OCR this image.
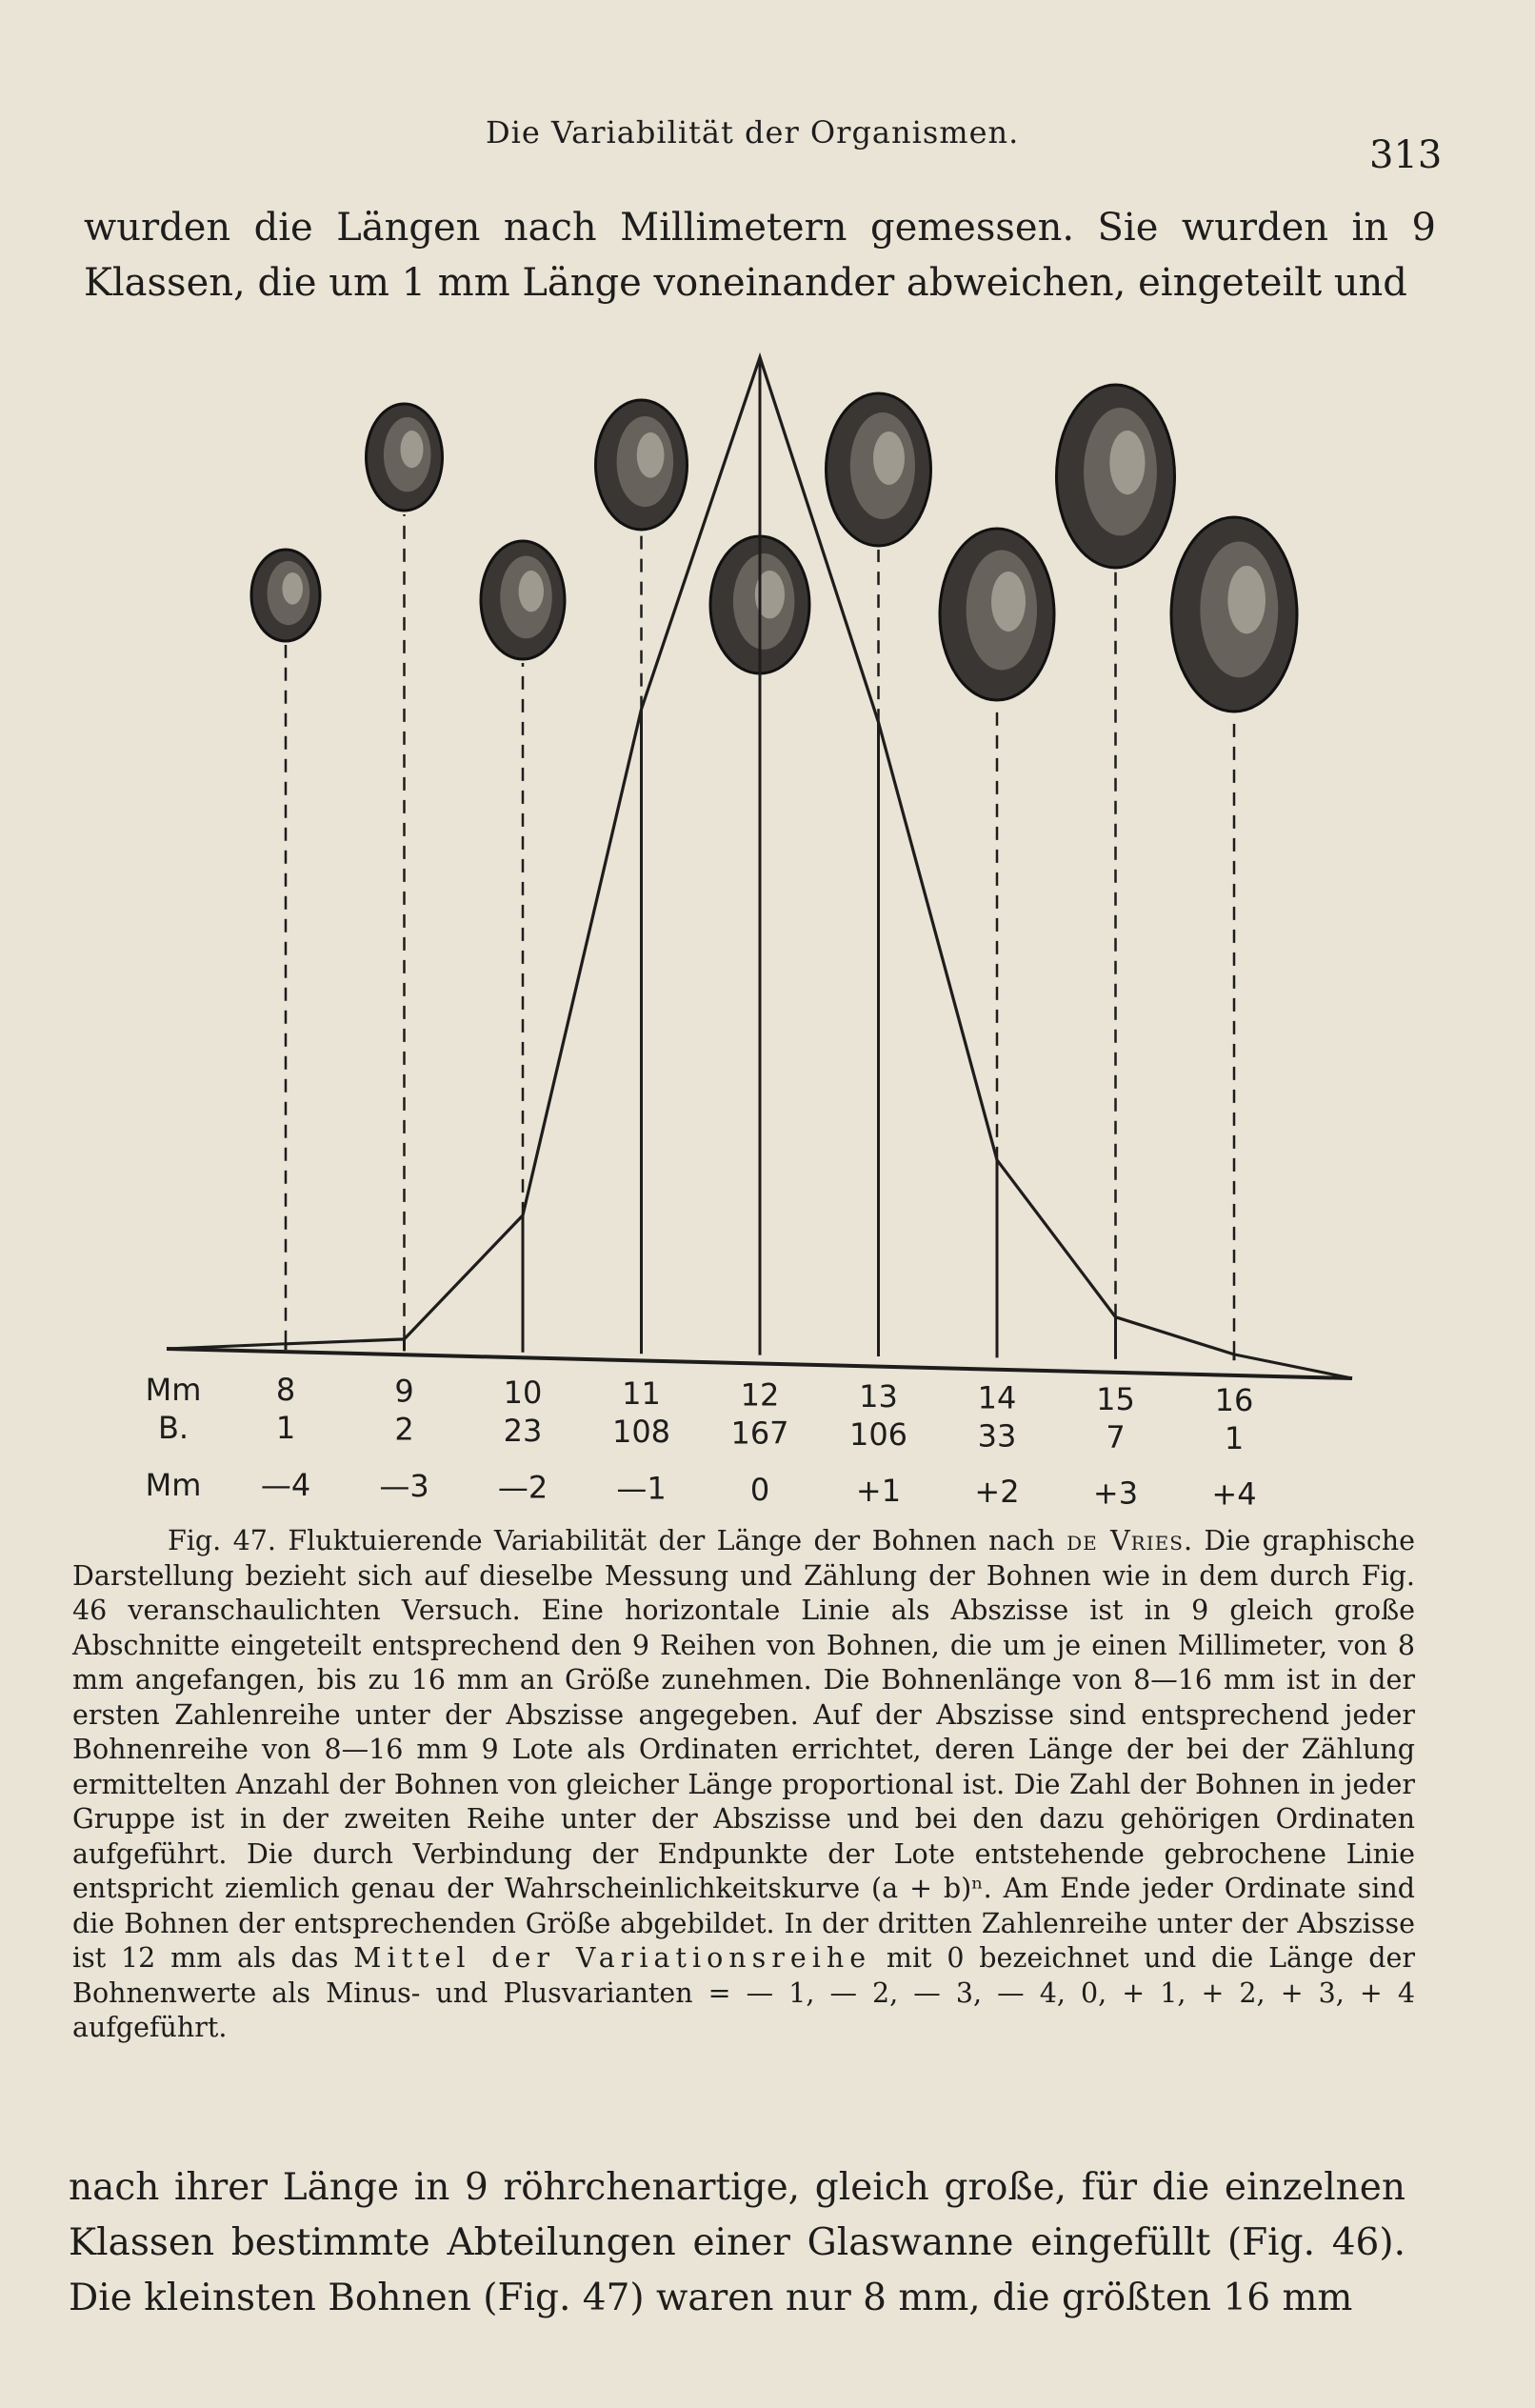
Die Variabilität der Organismen.
313
wurden die Längen nach Millimetern gemessen. Sie wurden in 9 Klassen, die um 1 mm Länge voneinander abweichen, eingeteilt und
Mm
B.
Mm
8
1
—4
9
2
—3
10
23
—2
11
108
—1
12
167
0
13
106
+1
14
33
+2
15
7
+3
16
1
+4
Fig. 47. Fluktuierende Variabilität der Länge der Bohnen nach de Vries. Die graphische Darstellung bezieht sich auf dieselbe Messung und Zählung der Bohnen wie in dem durch Fig. 46 veranschaulichten Versuch. Eine horizontale Linie als Abszisse ist in 9 gleich große Abschnitte eingeteilt entsprechend den 9 Reihen von Bohnen, die um je einen Millimeter, von 8 mm angefangen, bis zu 16 mm an Größe zunehmen. Die Bohnenlänge von 8—16 mm ist in der ersten Zahlenreihe unter der Abszisse angegeben. Auf der Abszisse sind entsprechend jeder Bohnenreihe von 8—16 mm 9 Lote als Ordinaten errichtet, deren Länge der bei der Zählung ermittelten Anzahl der Bohnen von gleicher Länge proportional ist. Die Zahl der Bohnen in jeder Gruppe ist in der zweiten Reihe unter der Abszisse und bei den dazu gehörigen Ordinaten aufgeführt. Die durch Verbindung der Endpunkte der Lote entstehende gebrochene Linie entspricht ziemlich genau der Wahrscheinlichkeitskurve (a + b)ⁿ. Am Ende jeder Ordinate sind die Bohnen der entsprechenden Größe abgebildet. In der dritten Zahlenreihe unter der Abszisse ist 12 mm als das Mittel der Variationsreihe mit 0 bezeichnet und die Länge der Bohnenwerte als Minus- und Plusvarianten = — 1, — 2, — 3, — 4, 0, + 1, + 2, + 3, + 4 aufgeführt.
nach ihrer Länge in 9 röhrchenartige, gleich große, für die einzelnen Klassen bestimmte Abteilungen einer Glaswanne eingefüllt (Fig. 46). Die kleinsten Bohnen (Fig. 47) waren nur 8 mm, die größten 16 mm
